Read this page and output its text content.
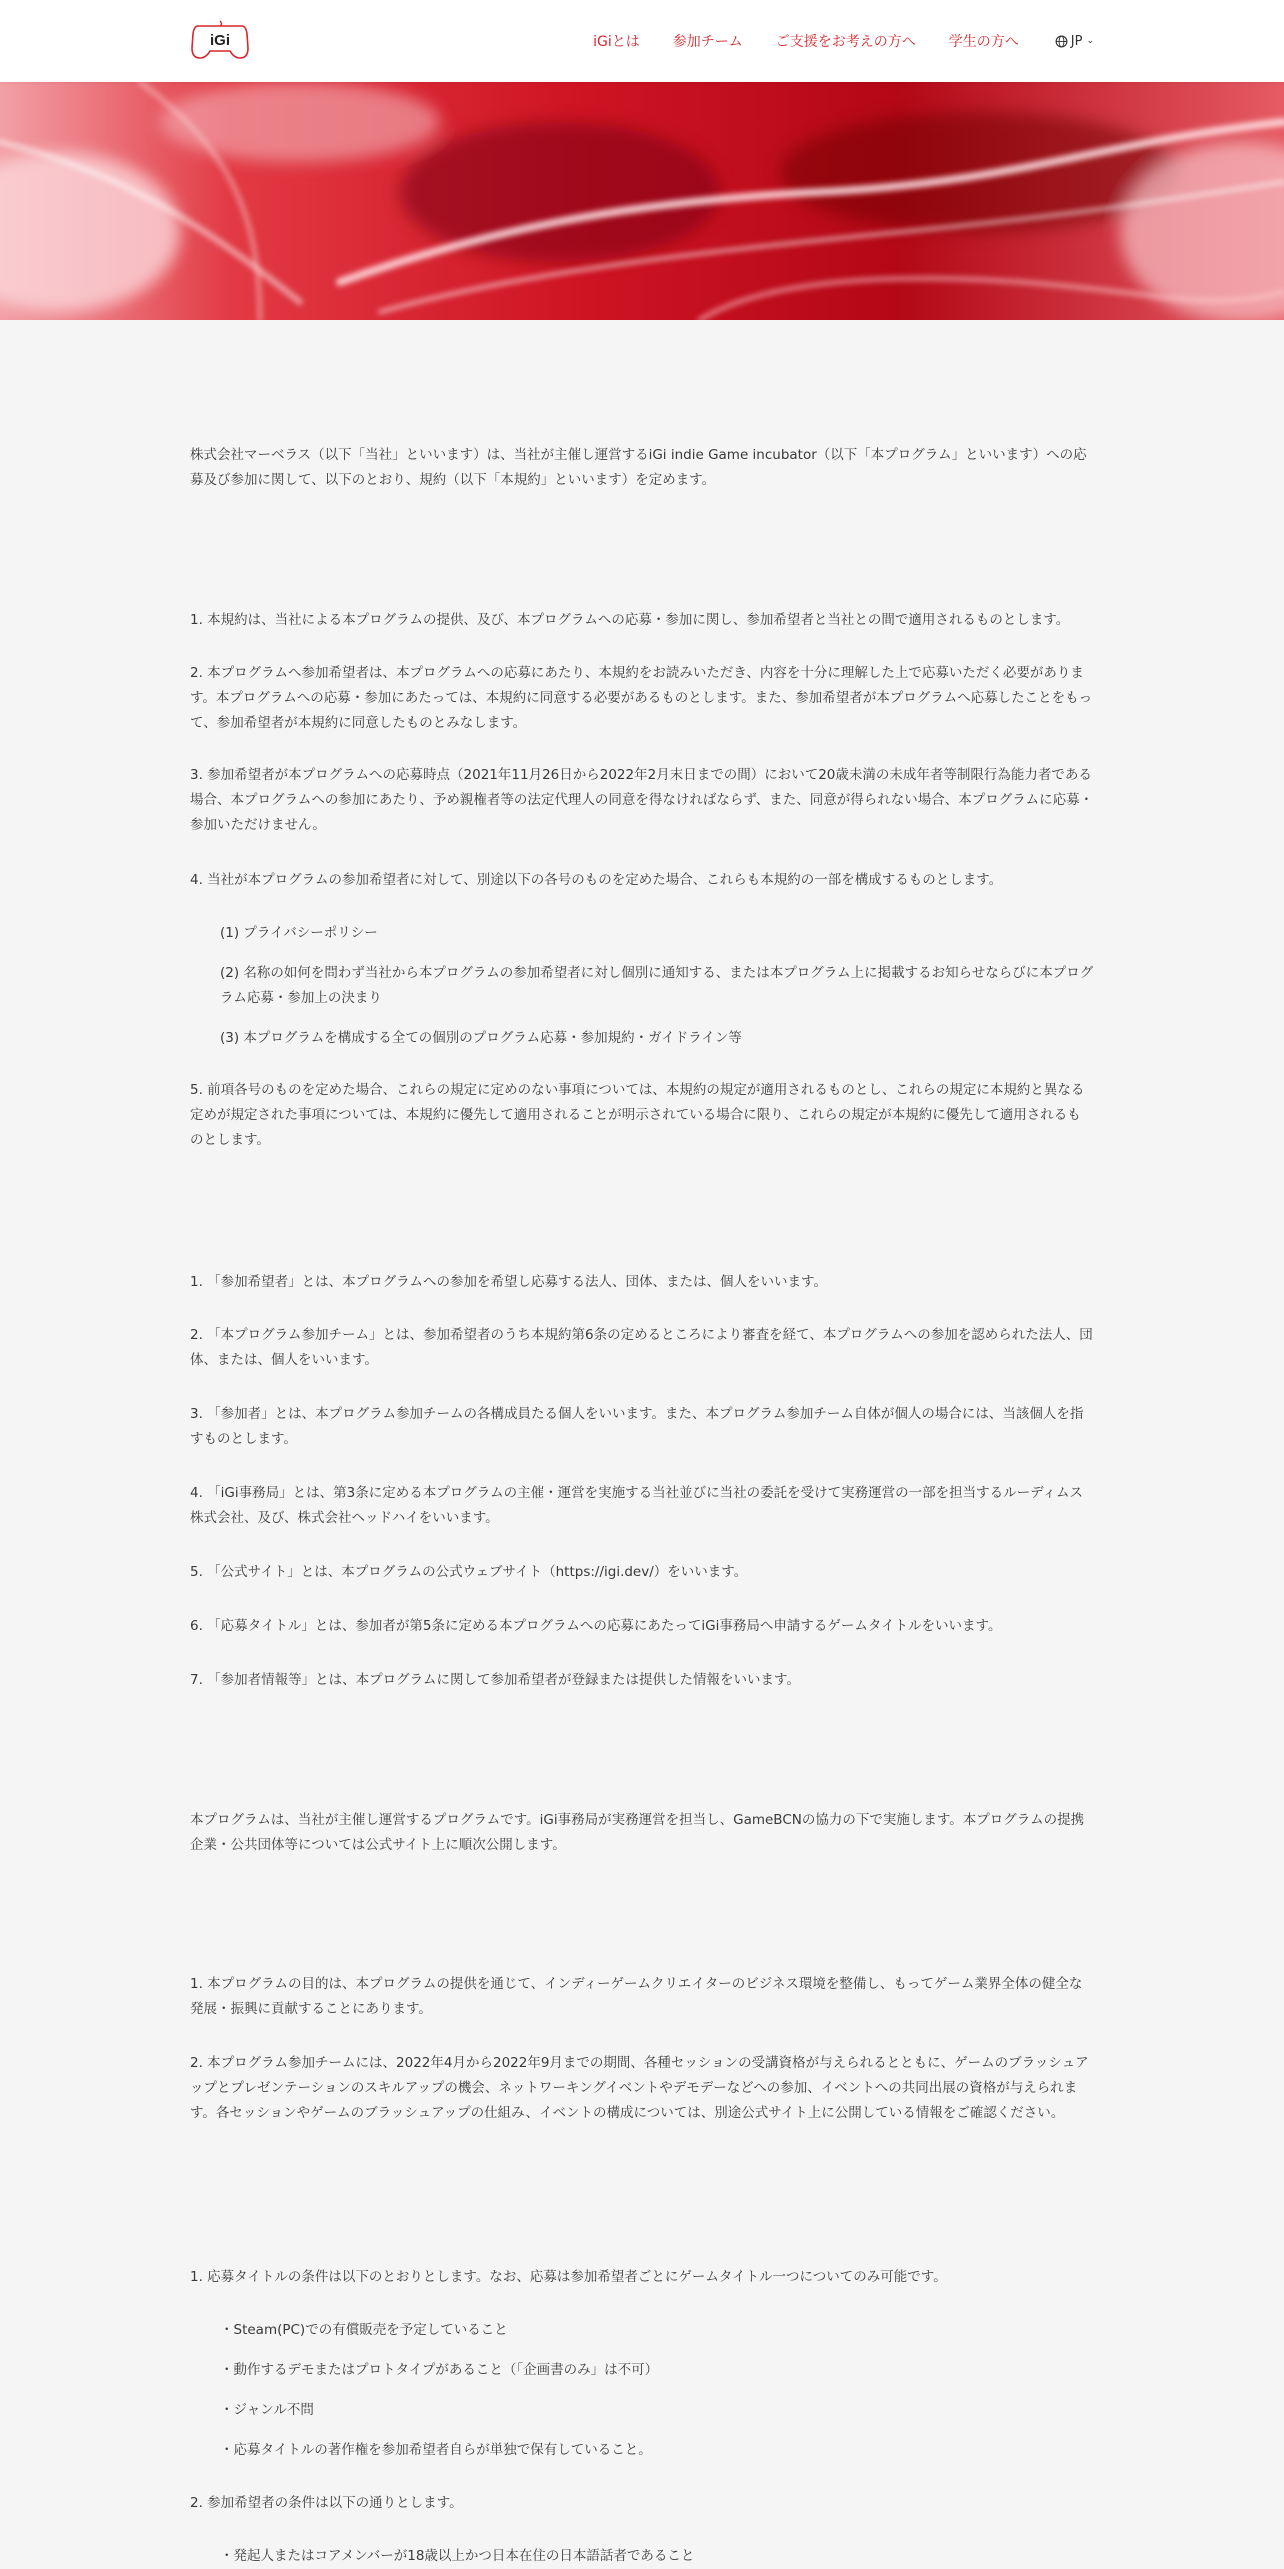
iGi	iGiとは 参加チーム ご支援をお考えの方へ 学生の方へ	JP ⌄

株式会社マーベラス（以下「当社」といいます）は、当社が主催し運営するiGi indie Game incubator（以下「本プログラム」といいます）への応募及び参加に関して、以下のとおり、規約（以下「本規約」といいます）を定めます。

1. 本規約は、当社による本プログラムの提供、及び、本プログラムへの応募・参加に関し、参加希望者と当社との間で適用されるものとします。

2. 本プログラムへ参加希望者は、本プログラムへの応募にあたり、本規約をお読みいただき、内容を十分に理解した上で応募いただく必要があります。本プログラムへの応募・参加にあたっては、本規約に同意する必要があるものとします。また、参加希望者が本プログラムへ応募したことをもって、参加希望者が本規約に同意したものとみなします。

3. 参加希望者が本プログラムへの応募時点（2021年11月26日から2022年2月末日までの間）において20歳未満の未成年者等制限行為能力者である場合、本プログラムへの参加にあたり、予め親権者等の法定代理人の同意を得なければならず、また、同意が得られない場合、本プログラムに応募・参加いただけません。

4. 当社が本プログラムの参加希望者に対して、別途以下の各号のものを定めた場合、これらも本規約の一部を構成するものとします。

(1) プライバシーポリシー

(2) 名称の如何を問わず当社から本プログラムの参加希望者に対し個別に通知する、または本プログラム上に掲載するお知らせならびに本プログラム応募・参加上の決まり

(3) 本プログラムを構成する全ての個別のプログラム応募・参加規約・ガイドライン等

5. 前項各号のものを定めた場合、これらの規定に定めのない事項については、本規約の規定が適用されるものとし、これらの規定に本規約と異なる定めが規定された事項については、本規約に優先して適用されることが明示されている場合に限り、これらの規定が本規約に優先して適用されるものとします。

1. 「参加希望者」とは、本プログラムへの参加を希望し応募する法人、団体、または、個人をいいます。

2. 「本プログラム参加チーム」とは、参加希望者のうち本規約第6条の定めるところにより審査を経て、本プログラムへの参加を認められた法人、団体、または、個人をいいます。

3. 「参加者」とは、本プログラム参加チームの各構成員たる個人をいいます。また、本プログラム参加チーム自体が個人の場合には、当該個人を指すものとします。

4. 「iGi事務局」とは、第3条に定める本プログラムの主催・運営を実施する当社並びに当社の委託を受けて実務運営の一部を担当するルーディムス株式会社、及び、株式会社ヘッドハイをいいます。

5. 「公式サイト」とは、本プログラムの公式ウェブサイト（https://igi.dev/）をいいます。

6. 「応募タイトル」とは、参加者が第5条に定める本プログラムへの応募にあたってiGi事務局へ申請するゲームタイトルをいいます。

7. 「参加者情報等」とは、本プログラムに関して参加希望者が登録または提供した情報をいいます。

本プログラムは、当社が主催し運営するプログラムです。iGi事務局が実務運営を担当し、GameBCNの協力の下で実施します。本プログラムの提携企業・公共団体等については公式サイト上に順次公開します。

1. 本プログラムの目的は、本プログラムの提供を通じて、インディーゲームクリエイターのビジネス環境を整備し、もってゲーム業界全体の健全な発展・振興に貢献することにあります。

2. 本プログラム参加チームには、2022年4月から2022年9月までの期間、各種セッションの受講資格が与えられるとともに、ゲームのブラッシュアップとプレゼンテーションのスキルアップの機会、ネットワーキングイベントやデモデーなどへの参加、イベントへの共同出展の資格が与えられます。各セッションやゲームのブラッシュアップの仕組み、イベントの構成については、別途公式サイト上に公開している情報をご確認ください。

1. 応募タイトルの条件は以下のとおりとします。なお、応募は参加希望者ごとにゲームタイトル一つについてのみ可能です。

・Steam(PC)での有償販売を予定していること

・動作するデモまたはプロトタイプがあること（「企画書のみ」は不可）

・ジャンル不問

・応募タイトルの著作権を参加希望者自らが単独で保有していること。

2. 参加希望者の条件は以下の通りとします。

・発起人またはコアメンバーが18歳以上かつ日本在住の日本語話者であること
